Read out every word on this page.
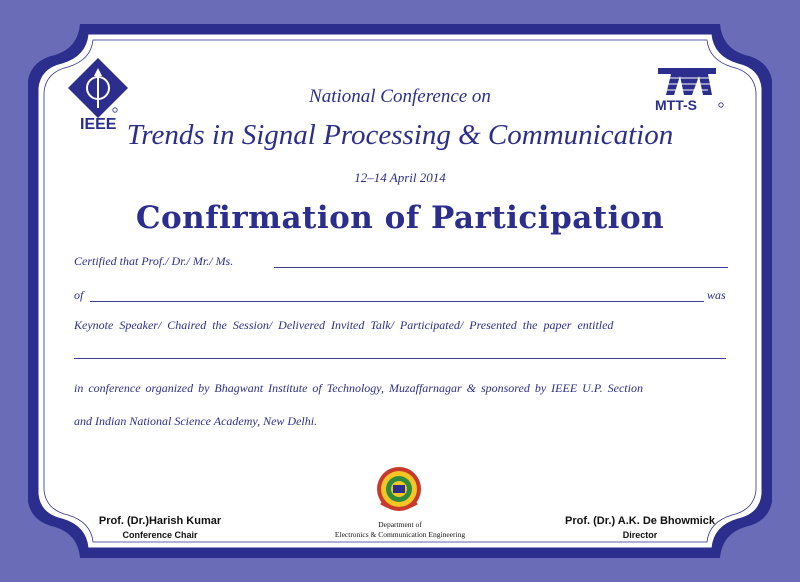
IEEE
MTT-S
National Conference on
Trends in Signal Processing & Communication
12–14 April 2014
Confirmation of Participation
Certified that Prof./ Dr./ Mr./ Ms.
of	was
Keynote Speaker/ Chaired the Session/ Delivered Invited Talk/ Participated/ Presented the paper entitled
in conference organized by Bhagwant Institute of Technology, Muzaffarnagar & sponsored by IEEE U.P. Section
and Indian National Science Academy, New Delhi.
Prof. (Dr.)Harish Kumar
Conference Chair
Department of
Electronics & Communication Engineering
Prof. (Dr.) A.K. De Bhowmick
Director
